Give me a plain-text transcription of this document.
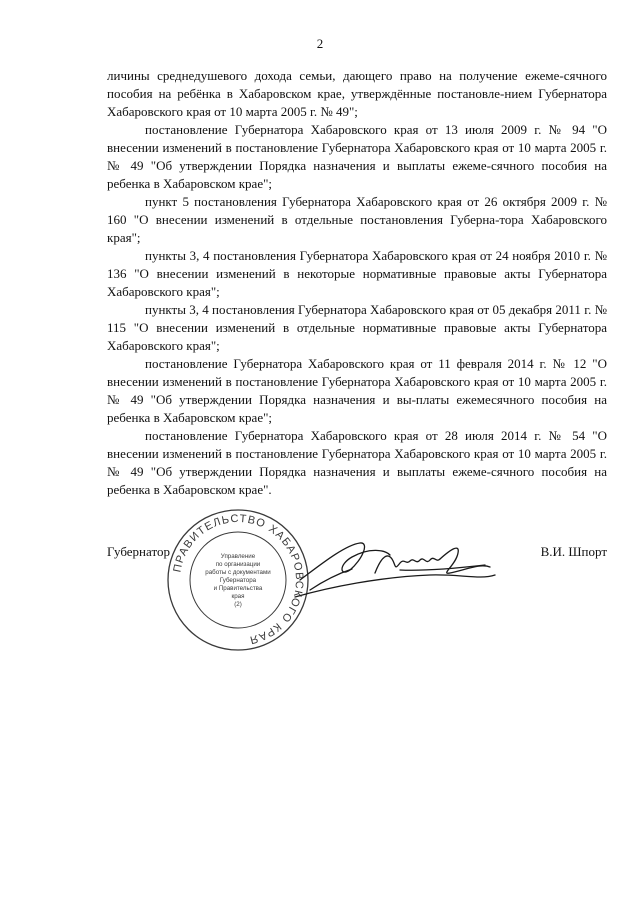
2

личины среднедушевого дохода семьи, дающего право на получение ежеме-сячного пособия на ребёнка в Хабаровском крае, утверждённые постановле-нием Губернатора Хабаровского края от 10 марта 2005 г. № 49";

постановление Губернатора Хабаровского края от 13 июля 2009 г. № 94 "О внесении изменений в постановление Губернатора Хабаровского края от 10 марта 2005 г. № 49 "Об утверждении Порядка назначения и выплаты ежеме-сячного пособия на ребенка в Хабаровском крае";

пункт 5 постановления Губернатора Хабаровского края от 26 октября 2009 г. № 160 "О внесении изменений в отдельные постановления Губерна-тора Хабаровского края";

пункты 3, 4 постановления Губернатора Хабаровского края от 24 ноября 2010 г. № 136 "О внесении изменений в некоторые нормативные правовые акты Губернатора Хабаровского края";

пункты 3, 4 постановления Губернатора Хабаровского края от 05 декабря 2011 г. № 115 "О внесении изменений в отдельные нормативные правовые акты Губернатора Хабаровского края";

постановление Губернатора Хабаровского края от 11 февраля 2014 г. № 12 "О внесении изменений в постановление Губернатора Хабаровского края от 10 марта 2005 г. № 49 "Об утверждении Порядка назначения и вы-платы ежемесячного пособия на ребенка в Хабаровском крае";

постановление Губернатора Хабаровского края от 28 июля 2014 г. № 54 "О внесении изменений в постановление Губернатора Хабаровского края от 10 марта 2005 г. № 49 "Об утверждении Порядка назначения и выплаты ежеме-сячного пособия на ребенка в Хабаровском крае".

Губернатор	В.И. Шпорт
ПРАВИТЕЛЬСТВО ХАБАРОВСКОГО КРАЯ
Управление
по организации
работы с документами
Губернатора
и Правительства
края
(2)
